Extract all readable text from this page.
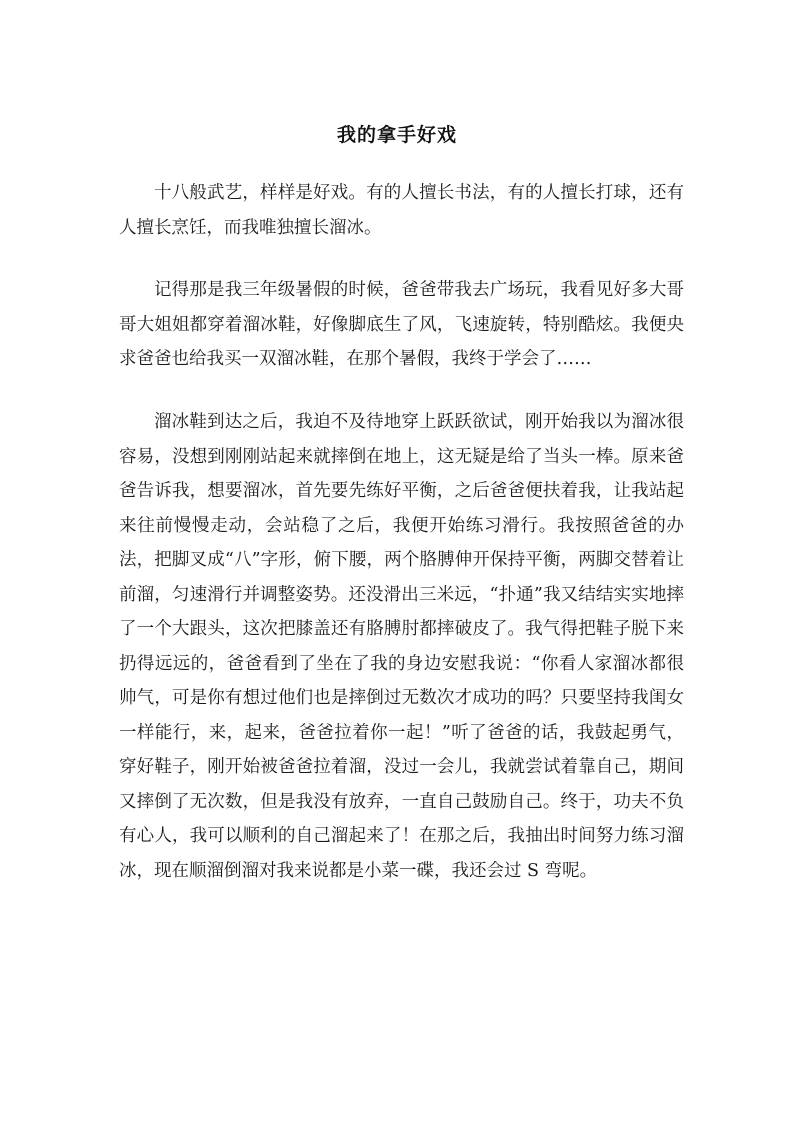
我的拿手好戏

十八般武艺，样样是好戏。有的人擅长书法，有的人擅长打球，还有人擅长烹饪，而我唯独擅长溜冰。

记得那是我三年级暑假的时候，爸爸带我去广场玩，我看见好多大哥哥大姐姐都穿着溜冰鞋，好像脚底生了风，飞速旋转，特别酷炫。我便央求爸爸也给我买一双溜冰鞋，在那个暑假，我终于学会了……

溜冰鞋到达之后，我迫不及待地穿上跃跃欲试，刚开始我以为溜冰很容易，没想到刚刚站起来就摔倒在地上，这无疑是给了当头一棒。原来爸爸告诉我，想要溜冰，首先要先练好平衡，之后爸爸便扶着我，让我站起来往前慢慢走动，会站稳了之后，我便开始练习滑行。我按照爸爸的办法，把脚叉成“八”字形，俯下腰，两个胳膊伸开保持平衡，两脚交替着让前溜，匀速滑行并调整姿势。还没滑出三米远，“扑通”我又结结实实地摔了一个大跟头，这次把膝盖还有胳膊肘都摔破皮了。我气得把鞋子脱下来扔得远远的，爸爸看到了坐在了我的身边安慰我说：“你看人家溜冰都很帅气，可是你有想过他们也是摔倒过无数次才成功的吗？只要坚持我闺女一样能行，来，起来，爸爸拉着你一起！”听了爸爸的话，我鼓起勇气，穿好鞋子，刚开始被爸爸拉着溜，没过一会儿，我就尝试着靠自己，期间又摔倒了无次数，但是我没有放弃，一直自己鼓励自己。终于，功夫不负有心人，我可以顺利的自己溜起来了！在那之后，我抽出时间努力练习溜冰，现在顺溜倒溜对我来说都是小菜一碟，我还会过 S 弯呢。
